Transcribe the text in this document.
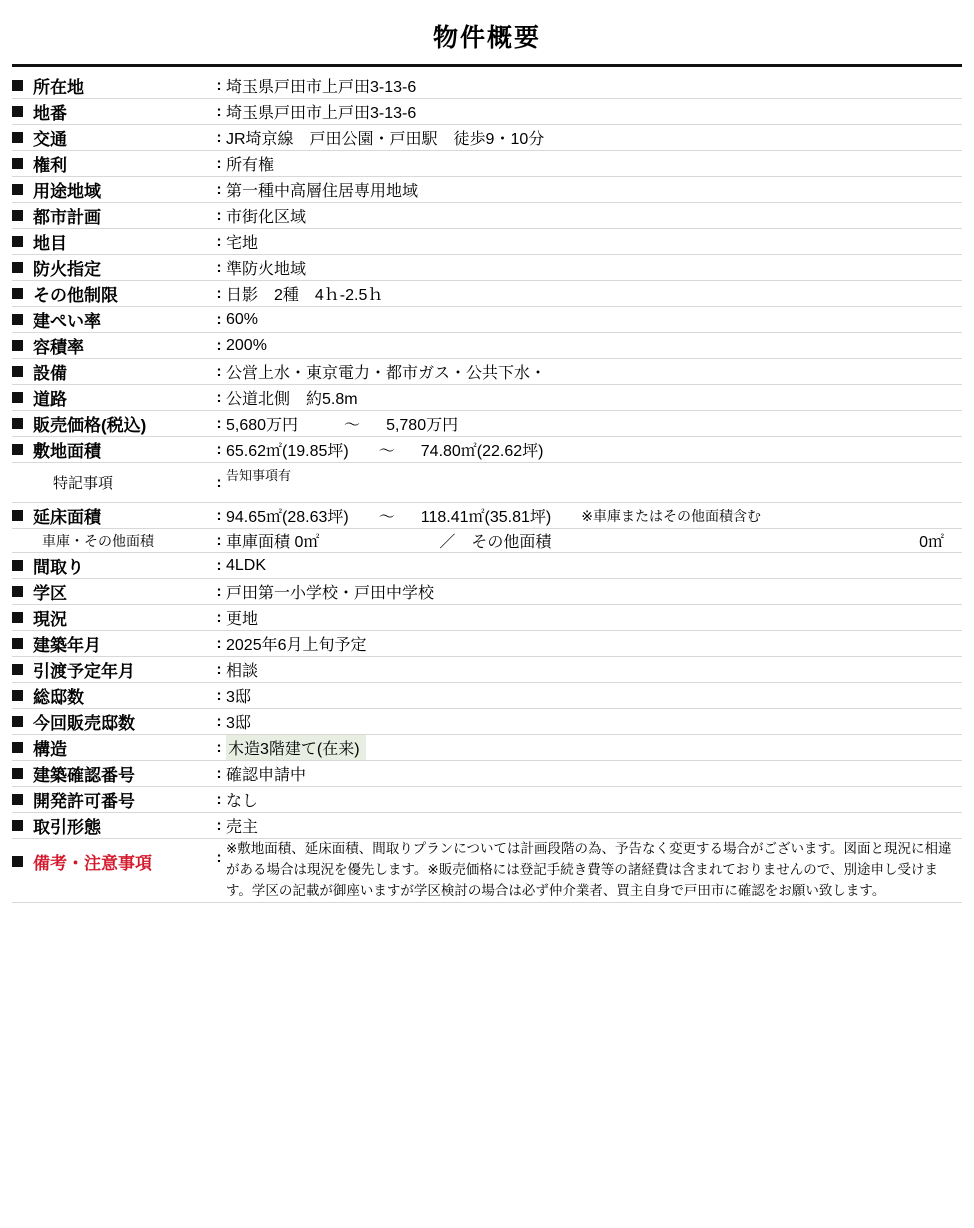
物件概要
所在地	:	埼玉県戸田市上戸田3-13-6
地番	:	埼玉県戸田市上戸田3-13-6
交通	:	JR埼京線　戸田公園・戸田駅　徒歩9・10分
権利	:	所有権
用途地域	:	第一種中高層住居専用地域
都市計画	:	市街化区域
地目	:	宅地
防火指定	:	準防火地域
その他制限	:	日影　2種　4ｈ-2.5ｈ
建ぺい率	:	60%
容積率	:	200%
設備	:	公営上水・東京電力・都市ガス・公共下水・
道路	:	公道北側　約5.8m
販売価格(税込)	:	5,680万円 〜 5,780万円

敷地面積	:	65.62㎡(19.85坪) 〜 74.80㎡(22.62坪)

特記事項	:	告知事項有

延床面積	:	94.65㎡(28.63坪) 〜 118.41㎡(35.81坪) ※車庫またはその他面積含む

車庫・その他面積	:	車庫面積 0㎡ ／ その他面積 0㎡

間取り	:	4LDK
学区	:	戸田第一小学校・戸田中学校
現況	:	更地
建築年月	:	2025年6月上旬予定
引渡予定年月	:	相談
総邸数	:	3邸
今回販売邸数	:	3邸
構造	:	木造3階建て(在来)
建築確認番号	:	確認申請中
開発許可番号	:	なし
取引形態	:	売主
備考・注意事項	:	※敷地面積、延床面積、間取りプランについては計画段階の為、予告なく変更する場合がございます。図面と現況に相違がある場合は現況を優先します。※販売価格には登記手続き費等の諸経費は含まれておりませんので、別途申し受けます。学区の記載が御座いますが学区検討の場合は必ず仲介業者、買主自身で戸田市に確認をお願い致します。
